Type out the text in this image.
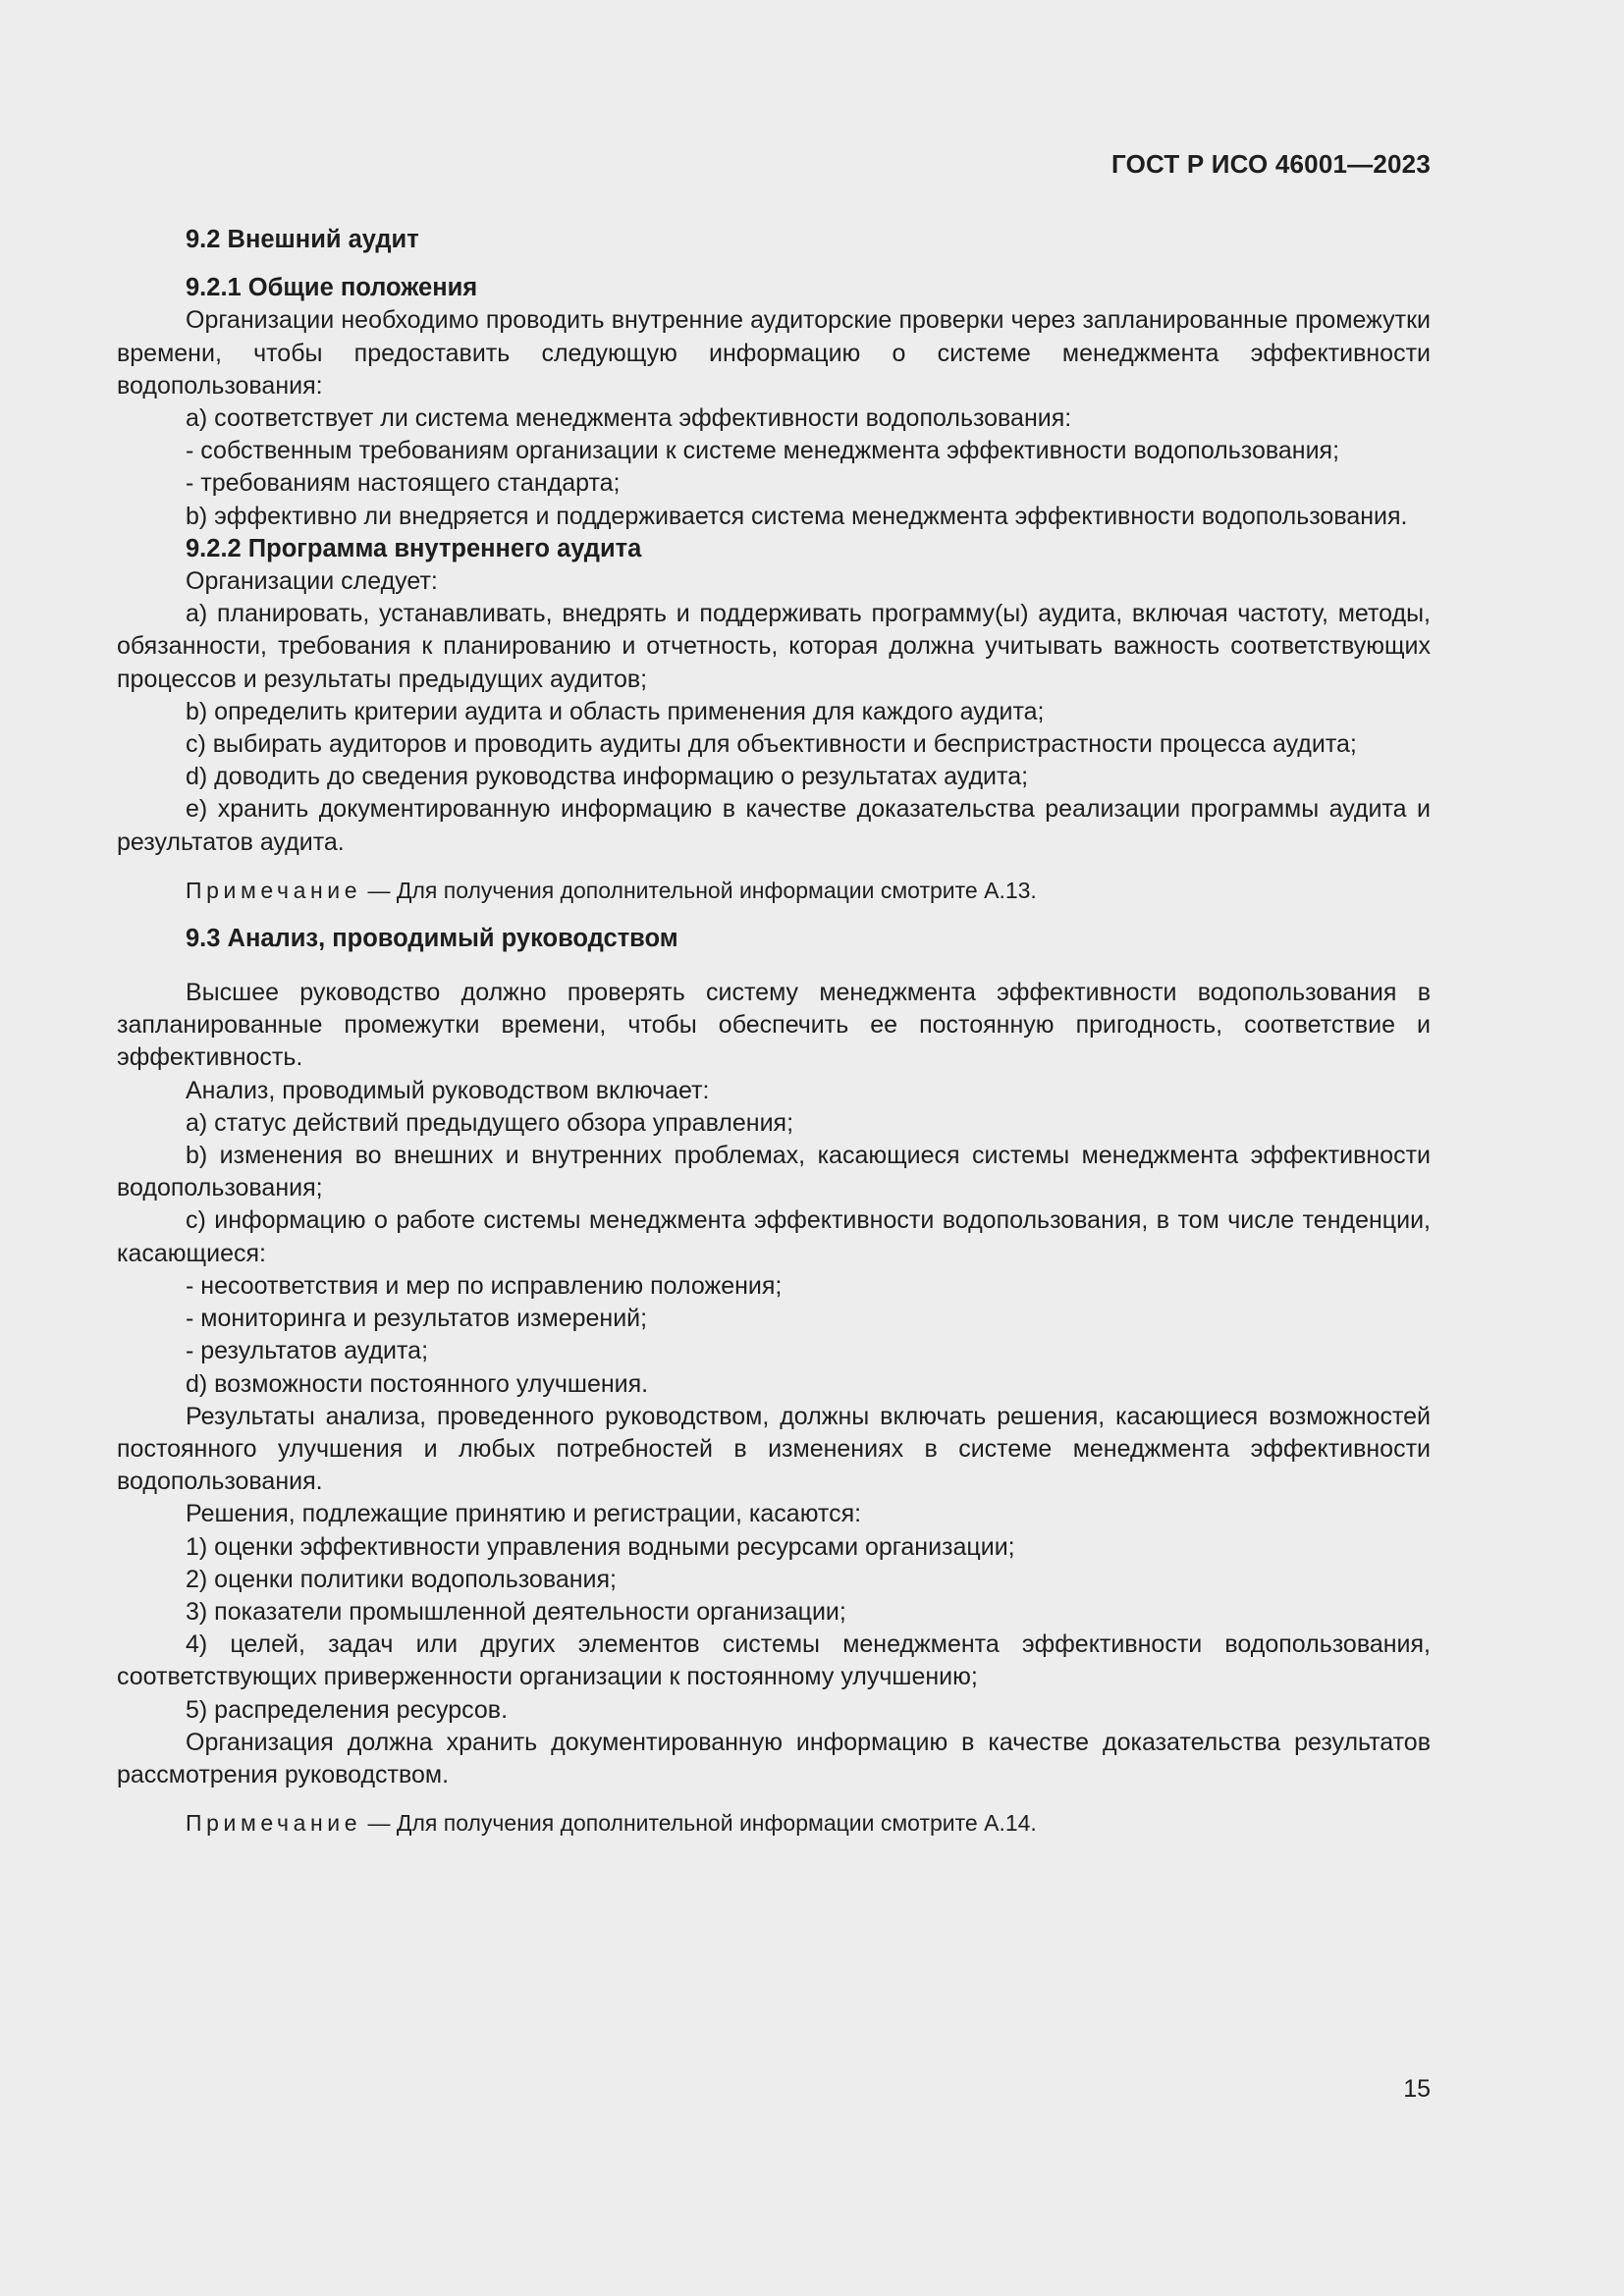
ГОСТ Р ИСО 46001—2023

9.2 Внешний аудит

9.2.1 Общие положения

Организации необходимо проводить внутренние аудиторские проверки через запланированные промежутки времени, чтобы предоставить следующую информацию о системе менеджмента эффективности водопользования:

a) соответствует ли система менеджмента эффективности водопользования:

- собственным требованиям организации к системе менеджмента эффективности водопользования;

- требованиям настоящего стандарта;

b) эффективно ли внедряется и поддерживается система менеджмента эффективности водопользования.

9.2.2 Программа внутреннего аудита

Организации следует:

a) планировать, устанавливать, внедрять и поддерживать программу(ы) аудита, включая частоту, методы, обязанности, требования к планированию и отчетность, которая должна учитывать важность соответствующих процессов и результаты предыдущих аудитов;

b) определить критерии аудита и область применения для каждого аудита;

c) выбирать аудиторов и проводить аудиты для объективности и беспристрастности процесса аудита;

d) доводить до сведения руководства информацию о результатах аудита;

e) хранить документированную информацию в качестве доказательства реализации программы аудита и результатов аудита.

Примечание — Для получения дополнительной информации смотрите А.13.

9.3 Анализ, проводимый руководством

Высшее руководство должно проверять систему менеджмента эффективности водопользования в запланированные промежутки времени, чтобы обеспечить ее постоянную пригодность, соответствие и эффективность.

Анализ, проводимый руководством включает:

a) статус действий предыдущего обзора управления;

b) изменения во внешних и внутренних проблемах, касающиеся системы менеджмента эффективности водопользования;

c) информацию о работе системы менеджмента эффективности водопользования, в том числе тенденции, касающиеся:

- несоответствия и мер по исправлению положения;

- мониторинга и результатов измерений;

- результатов аудита;

d) возможности постоянного улучшения.

Результаты анализа, проведенного руководством, должны включать решения, касающиеся возможностей постоянного улучшения и любых потребностей в изменениях в системе менеджмента эффективности водопользования.

Решения, подлежащие принятию и регистрации, касаются:

1) оценки эффективности управления водными ресурсами организации;

2) оценки политики водопользования;

3) показатели промышленной деятельности организации;

4) целей, задач или других элементов системы менеджмента эффективности водопользования, соответствующих приверженности организации к постоянному улучшению;

5) распределения ресурсов.

Организация должна хранить документированную информацию в качестве доказательства результатов рассмотрения руководством.

Примечание — Для получения дополнительной информации смотрите А.14.

15
